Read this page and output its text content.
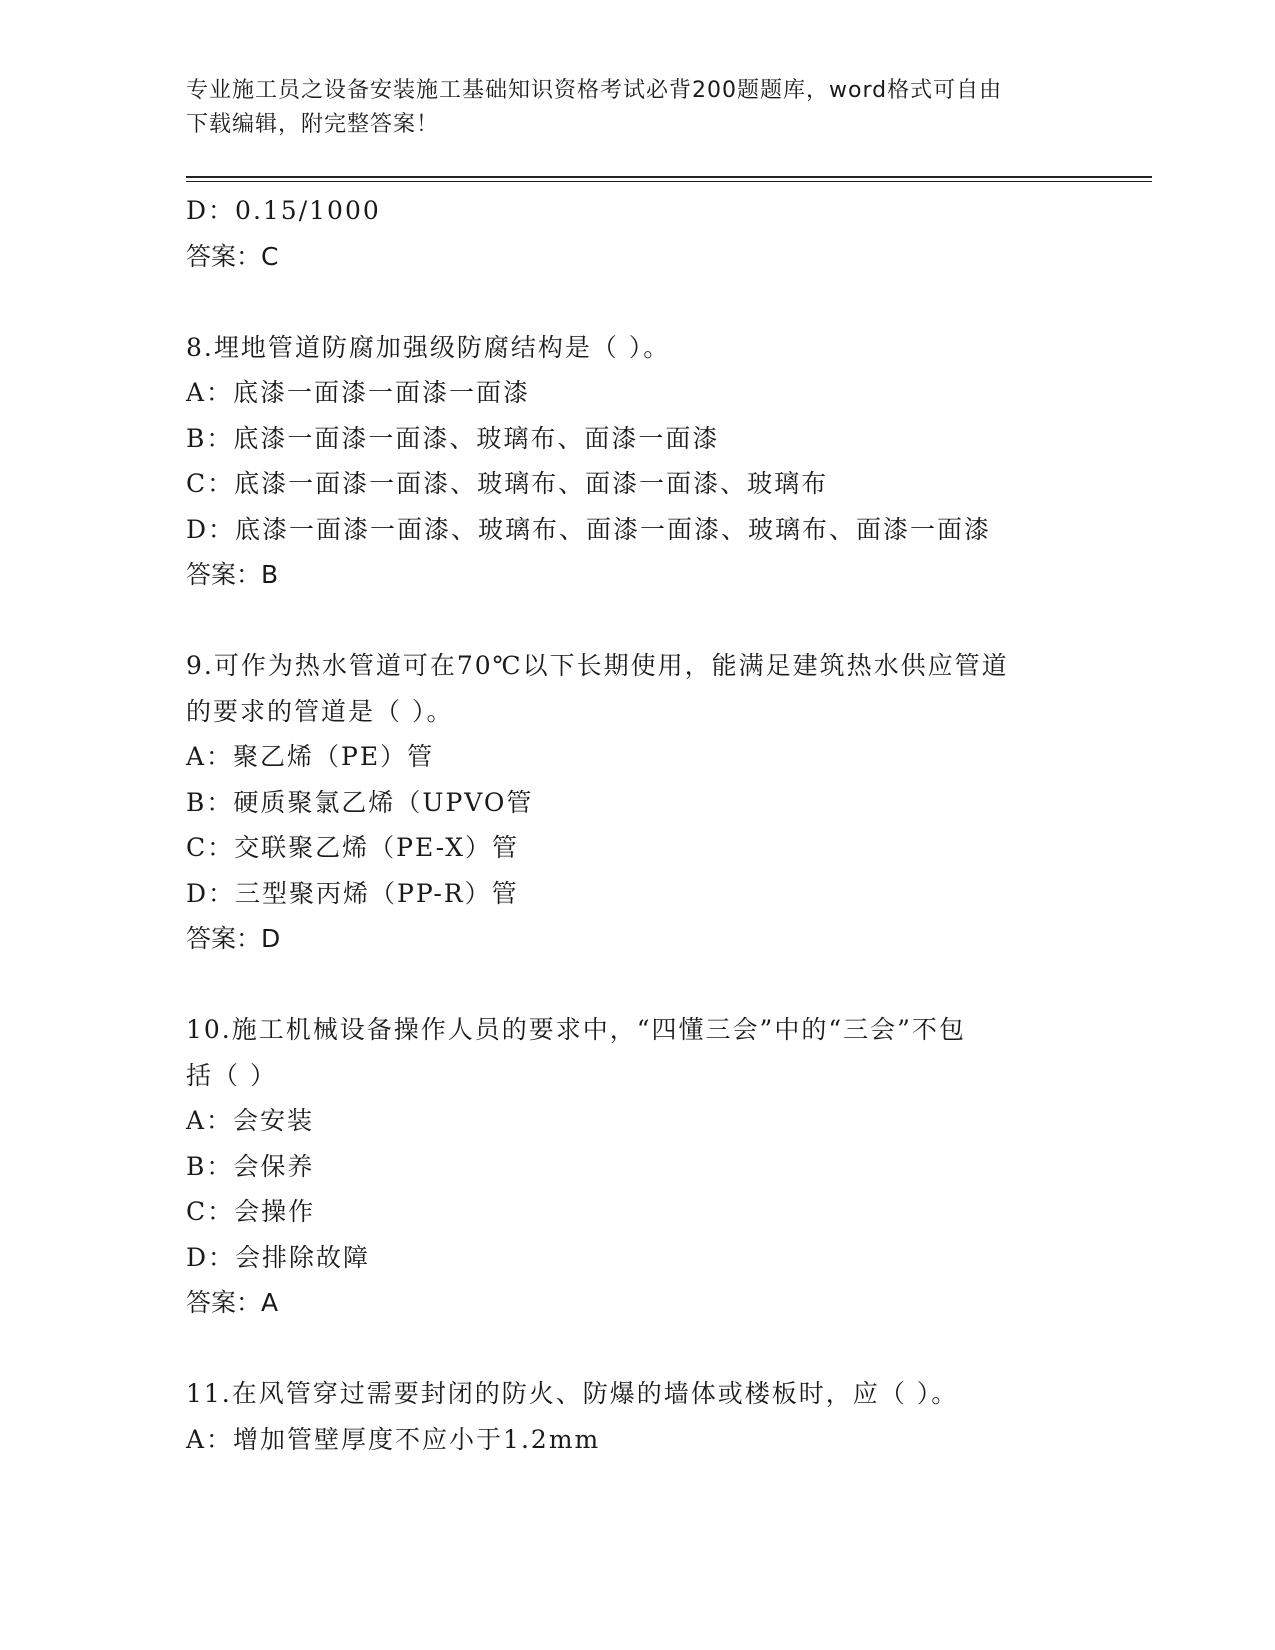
专业施工员之设备安装施工基础知识资格考试必背200题题库，word格式可自由
下载编辑，附完整答案！
D：0.15/1000
答案：C
8.埋地管道防腐加强级防腐结构是（ ）。
A：底漆一面漆一面漆一面漆
B：底漆一面漆一面漆、玻璃布、面漆一面漆
C：底漆一面漆一面漆、玻璃布、面漆一面漆、玻璃布
D：底漆一面漆一面漆、玻璃布、面漆一面漆、玻璃布、面漆一面漆
答案：B
9.可作为热水管道可在70℃以下长期使用，能满足建筑热水供应管道
的要求的管道是（ ）。
A：聚乙烯（PE）管
B：硬质聚氯乙烯（UPVO管
C：交联聚乙烯（PE-X）管
D：三型聚丙烯（PP-R）管
答案：D
10.施工机械设备操作人员的要求中，“四懂三会”中的“三会”不包
括（ ）
A：会安装
B：会保养
C：会操作
D：会排除故障
答案：A
11.在风管穿过需要封闭的防火、防爆的墙体或楼板时，应（ ）。
A：增加管壁厚度不应小于1.2mm
